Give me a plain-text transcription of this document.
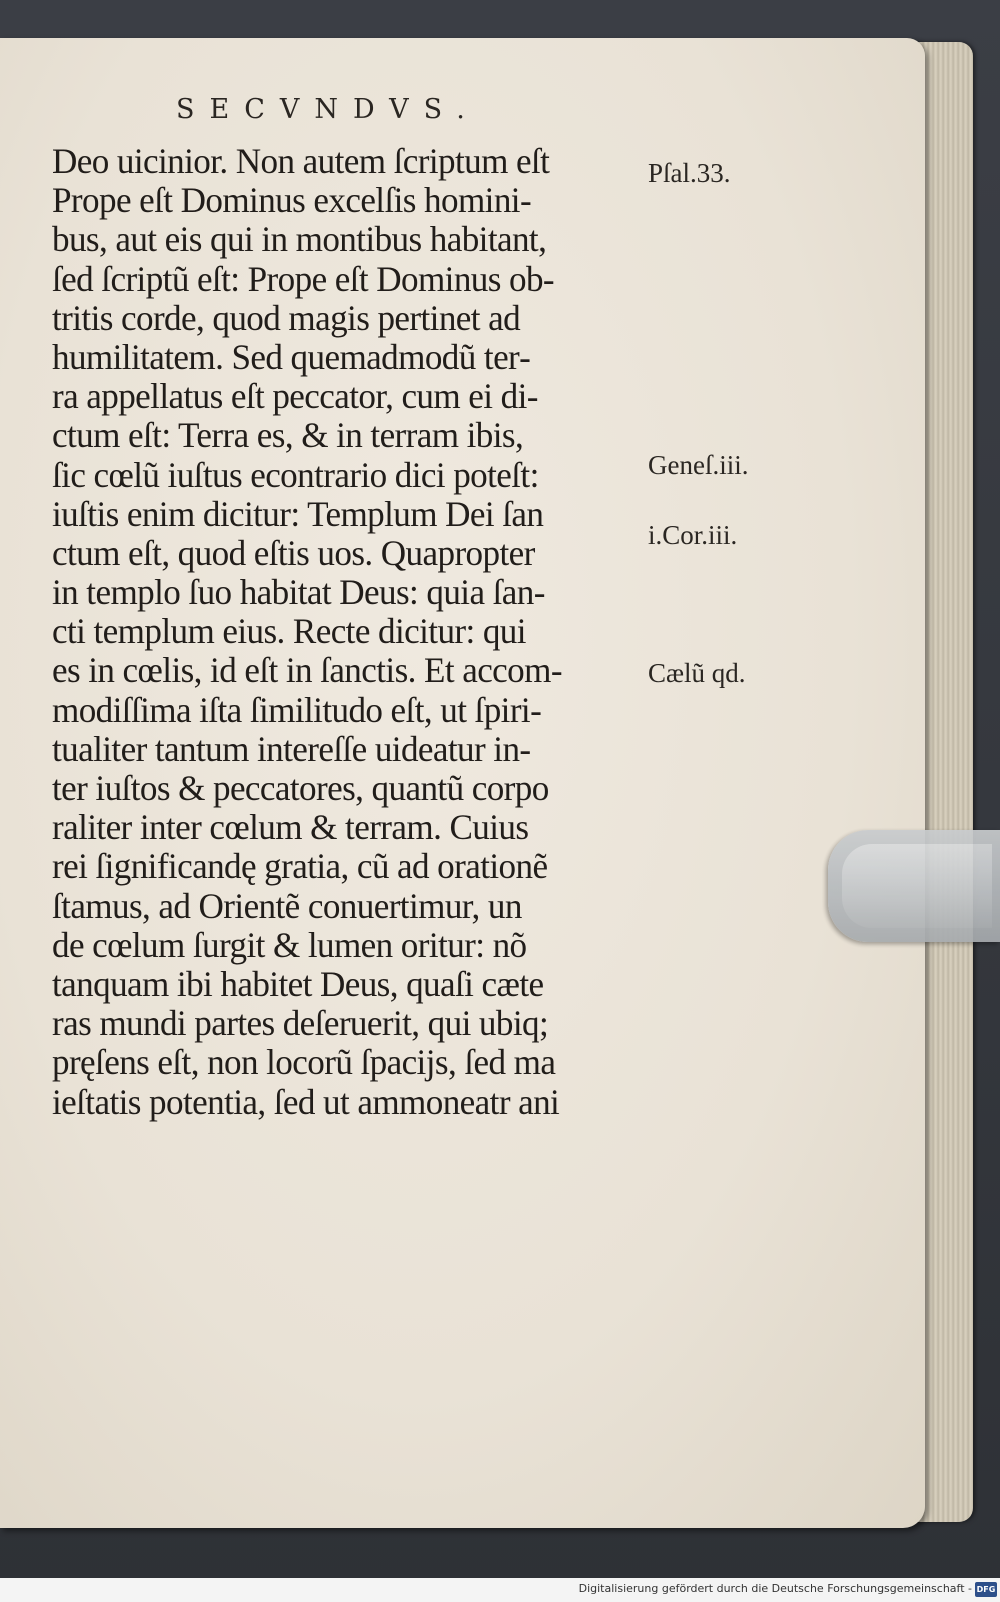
SECVNDVS.
Deo uicinior. Non autem ſcriptum eſt
Prope eſt Dominus excelſis homini‑
bus, aut eis qui in montibus habitant,
ſed ſcriptũ eſt: Prope eſt Dominus ob‑
tritis corde, quod magis pertinet ad
humilitatem. Sed quemadmodũ ter‑
ra appellatus eſt peccator, cum ei di‑
ctum eſt: Terra es, & in terram ibis,
ſic cœlũ iuſtus econtrario dici poteſt:
iuſtis enim dicitur: Templum Dei ſan
ctum eſt, quod eſtis uos. Quapropter
in templo ſuo habitat Deus: quia ſan‑
cti templum eius. Recte dicitur: qui
es in cœlis, id eſt in ſanctis. Et accom‑
modiſſima iſta ſimilitudo eſt, ut ſpiri‑
tualiter tantum intereſſe uideatur in‑
ter iuſtos & peccatores, quantũ corpo
raliter inter cœlum & terram. Cuius
rei ſignificandę gratia, cũ ad orationẽ
ſtamus, ad Orientẽ conuertimur, un
de cœlum ſurgit & lumen oritur: nõ
tanquam ibi habitet Deus, quaſi cæte
ras mundi partes deſeruerit, qui ubiq;
pręſens eſt, non locorũ ſpacijs, ſed ma
ieſtatis potentia, ſed ut ammoneatr ani
Pſal.33.
Geneſ.iii.
i.Cor.iii.
Cælũ qd.
Digitalisierung gefördert durch die Deutsche Forschungsgemeinschaft - DFG
